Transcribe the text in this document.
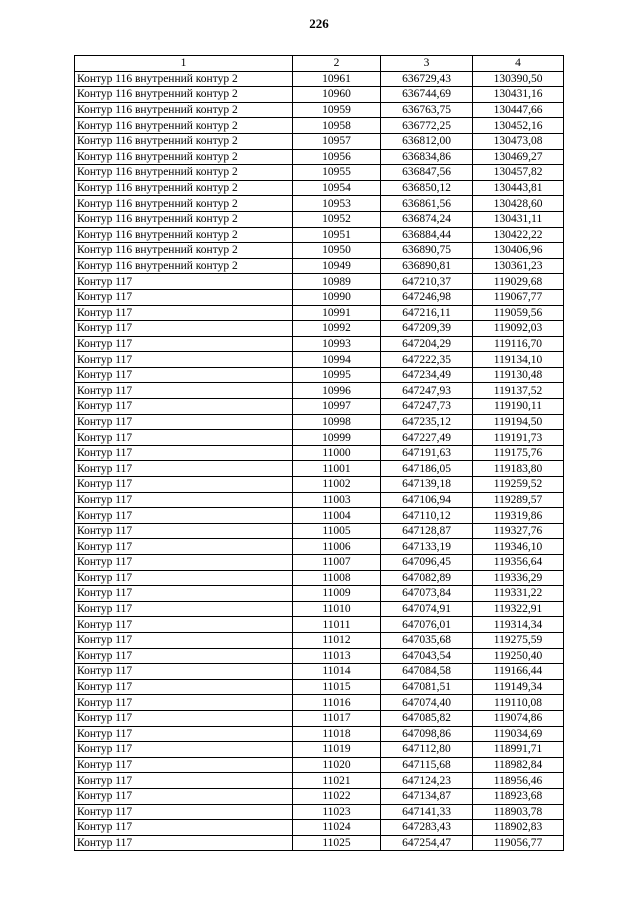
226
1	2	3	4
Контур 116 внутренний контур 2	10961	636729,43	130390,50
Контур 116 внутренний контур 2	10960	636744,69	130431,16
Контур 116 внутренний контур 2	10959	636763,75	130447,66
Контур 116 внутренний контур 2	10958	636772,25	130452,16
Контур 116 внутренний контур 2	10957	636812,00	130473,08
Контур 116 внутренний контур 2	10956	636834,86	130469,27
Контур 116 внутренний контур 2	10955	636847,56	130457,82
Контур 116 внутренний контур 2	10954	636850,12	130443,81
Контур 116 внутренний контур 2	10953	636861,56	130428,60
Контур 116 внутренний контур 2	10952	636874,24	130431,11
Контур 116 внутренний контур 2	10951	636884,44	130422,22
Контур 116 внутренний контур 2	10950	636890,75	130406,96
Контур 116 внутренний контур 2	10949	636890,81	130361,23
Контур 117	10989	647210,37	119029,68
Контур 117	10990	647246,98	119067,77
Контур 117	10991	647216,11	119059,56
Контур 117	10992	647209,39	119092,03
Контур 117	10993	647204,29	119116,70
Контур 117	10994	647222,35	119134,10
Контур 117	10995	647234,49	119130,48
Контур 117	10996	647247,93	119137,52
Контур 117	10997	647247,73	119190,11
Контур 117	10998	647235,12	119194,50
Контур 117	10999	647227,49	119191,73
Контур 117	11000	647191,63	119175,76
Контур 117	11001	647186,05	119183,80
Контур 117	11002	647139,18	119259,52
Контур 117	11003	647106,94	119289,57
Контур 117	11004	647110,12	119319,86
Контур 117	11005	647128,87	119327,76
Контур 117	11006	647133,19	119346,10
Контур 117	11007	647096,45	119356,64
Контур 117	11008	647082,89	119336,29
Контур 117	11009	647073,84	119331,22
Контур 117	11010	647074,91	119322,91
Контур 117	11011	647076,01	119314,34
Контур 117	11012	647035,68	119275,59
Контур 117	11013	647043,54	119250,40
Контур 117	11014	647084,58	119166,44
Контур 117	11015	647081,51	119149,34
Контур 117	11016	647074,40	119110,08
Контур 117	11017	647085,82	119074,86
Контур 117	11018	647098,86	119034,69
Контур 117	11019	647112,80	118991,71
Контур 117	11020	647115,68	118982,84
Контур 117	11021	647124,23	118956,46
Контур 117	11022	647134,87	118923,68
Контур 117	11023	647141,33	118903,78
Контур 117	11024	647283,43	118902,83
Контур 117	11025	647254,47	119056,77
